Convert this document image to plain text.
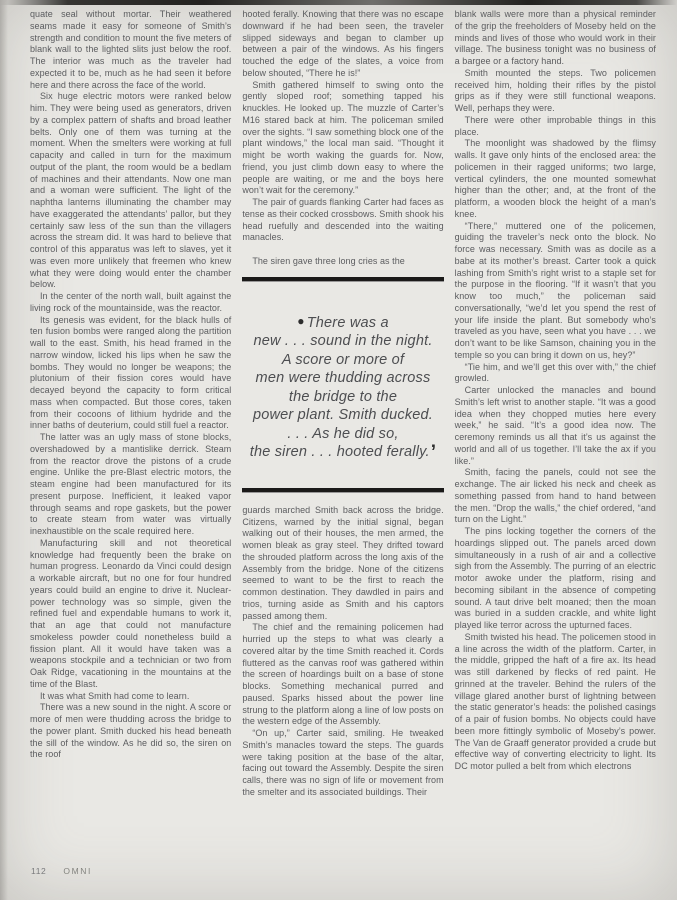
quate seal without mortar. Their weathered seams made it easy for someone of Smith’s strength and condition to mount the five meters of blank wall to the lighted slits just below the roof. The interior was much as the traveler had expected it to be, much as he had seen it before here and there across the face of the world.

Six huge electric motors were ranked below him. They were being used as generators, driven by a complex pattern of shafts and broad leather belts. Only one of them was turning at the moment. When the smelters were working at full capacity and called in turn for the maximum output of the plant, the room would be a bedlam of machines and their attendants. Now one man and a woman were sufficient. The light of the naphtha lanterns illuminating the chamber may have exaggerated the attendants’ pallor, but they certainly saw less of the sun than the villagers across the stream did. It was hard to believe that control of this apparatus was left to slaves, yet it was even more unlikely that freemen who knew what they were doing would enter the chamber below.

In the center of the north wall, built against the living rock of the mountainside, was the reactor.

Its genesis was evident, for the black hulls of ten fusion bombs were ranged along the partition wall to the east. Smith, his head framed in the narrow window, licked his lips when he saw the bombs. They would no longer be weapons; the plutonium of their fission cores would have decayed beyond the capacity to form critical mass when compacted. But those cores, taken from their cocoons of lithium hydride and the inner baths of deuterium, could still fuel a reactor.

The latter was an ugly mass of stone blocks, overshadowed by a mantislike derrick. Steam from the reactor drove the pistons of a crude engine. Unlike the pre-Blast electric motors, the steam engine had been manufactured for its present purpose. Inefficient, it leaked vapor through seams and rope gaskets, but the power to create steam from water was virtually inexhaustible on the scale required here.

Manufacturing skill and not theoretical knowledge had frequently been the brake on human progress. Leonardo da Vinci could design a workable aircraft, but no one for four hundred years could build an engine to drive it. Nuclear-power technology was so simple, given the refined fuel and expendable humans to work it, that an age that could not manufacture smokeless powder could nonetheless build a fission plant. All it would have taken was a weapons stockpile and a technician or two from Oak Ridge, vacationing in the mountains at the time of the Blast.

It was what Smith had come to learn.

There was a new sound in the night. A score or more of men were thudding across the bridge to the power plant. Smith ducked his head beneath the sill of the window. As he did so, the siren on the roof

hooted ferally. Knowing that there was no escape downward if he had been seen, the traveler slipped sideways and began to clamber up between a pair of the windows. As his fingers touched the edge of the slates, a voice from below shouted, “There he is!”

Smith gathered himself to swing onto the gently sloped roof; something tapped his knuckles. He looked up. The muzzle of Carter’s M16 stared back at him. The policeman smiled over the sights. “I saw something block one of the plant windows,” the local man said. “Thought it might be worth waking the guards for. Now, friend, you just climb down easy to where the people are waiting, or me and the boys here won’t wait for the ceremony.”

The pair of guards flanking Carter had faces as tense as their cocked crossbows. Smith shook his head ruefully and descended into the waiting manacles.

The siren gave three long cries as the

● There was a
new . . . sound in the night.
A score or more of
men were thudding across
the bridge to the
power plant. Smith ducked.
. . . As he did so,
the siren . . . hooted ferally.’

guards marched Smith back across the bridge. Citizens, warned by the initial signal, began walking out of their houses, the men armed, the women bleak as gray steel. They drifted toward the shrouded platform across the long axis of the Assembly from the bridge. None of the citizens seemed to want to be the first to reach the common destination. They dawdled in pairs and trios, turning aside as Smith and his captors passed among them.

The chief and the remaining policemen had hurried up the steps to what was clearly a covered altar by the time Smith reached it. Cords fluttered as the canvas roof was gathered within the screen of hoardings built on a base of stone blocks. Something mechanical purred and paused. Sparks hissed about the power line strung to the platform along a line of low posts on the western edge of the Assembly.

“On up,” Carter said, smiling. He tweaked Smith’s manacles toward the steps. The guards were taking position at the base of the altar, facing out toward the Assembly. Despite the siren calls, there was no sign of life or movement from the smelter and its associated buildings. Their

blank walls were more than a physical reminder of the grip the freeholders of Moseby held on the minds and lives of those who would work in their village. The business tonight was no business of a bargee or a factory hand.

Smith mounted the steps. Two policemen received him, holding their rifles by the pistol grips as if they were still functional weapons. Well, perhaps they were.

There were other improbable things in this place.

The moonlight was shadowed by the flimsy walls. It gave only hints of the enclosed area: the policemen in their ragged uniforms; two large, vertical cylinders, the one mounted somewhat higher than the other; and, at the front of the platform, a wooden block the height of a man’s knee.

“There,” muttered one of the policemen, guiding the traveler’s neck onto the block. No force was necessary. Smith was as docile as a babe at its mother’s breast. Carter took a quick lashing from Smith’s right wrist to a staple set for the purpose in the flooring. “If it wasn’t that you know too much,” the policeman said conversationally, “we’d let you spend the rest of your life inside the plant. But somebody who’s traveled as you have, seen what you have . . . we don’t want to be like Samson, chaining you in the temple so you can bring it down on us, hey?”

“Tie him, and we’ll get this over with,” the chief growled.

Carter unlocked the manacles and bound Smith’s left wrist to another staple. “It was a good idea when they chopped muties here every week,” he said. “It’s a good idea now. The ceremony reminds us all that it’s us against the world and all of us together. I’ll take the ax if you like.”

Smith, facing the panels, could not see the exchange. The air licked his neck and cheek as something passed from hand to hand between the men. “Drop the walls,” the chief ordered, “and turn on the Light.”

The pins locking together the corners of the hoardings slipped out. The panels arced down simultaneously in a rush of air and a collective sigh from the Assembly. The purring of an electric motor awoke under the platform, rising and becoming sibilant in the absence of competing sound. A taut drive belt moaned; then the moan was buried in a sudden crackle, and white light played like terror across the upturned faces.

Smith twisted his head. The policemen stood in a line across the width of the platform. Carter, in the middle, gripped the haft of a fire ax. Its head was still darkened by flecks of red paint. He grinned at the traveler. Behind the rulers of the village glared another burst of lightning between the static generator’s heads: the polished casings of a pair of fusion bombs. No objects could have been more fittingly symbolic of Moseby’s power. The Van de Graaff generator provided a crude but effective way of converting electricity to light. Its DC motor pulled a belt from which electrons

112 OMNI
